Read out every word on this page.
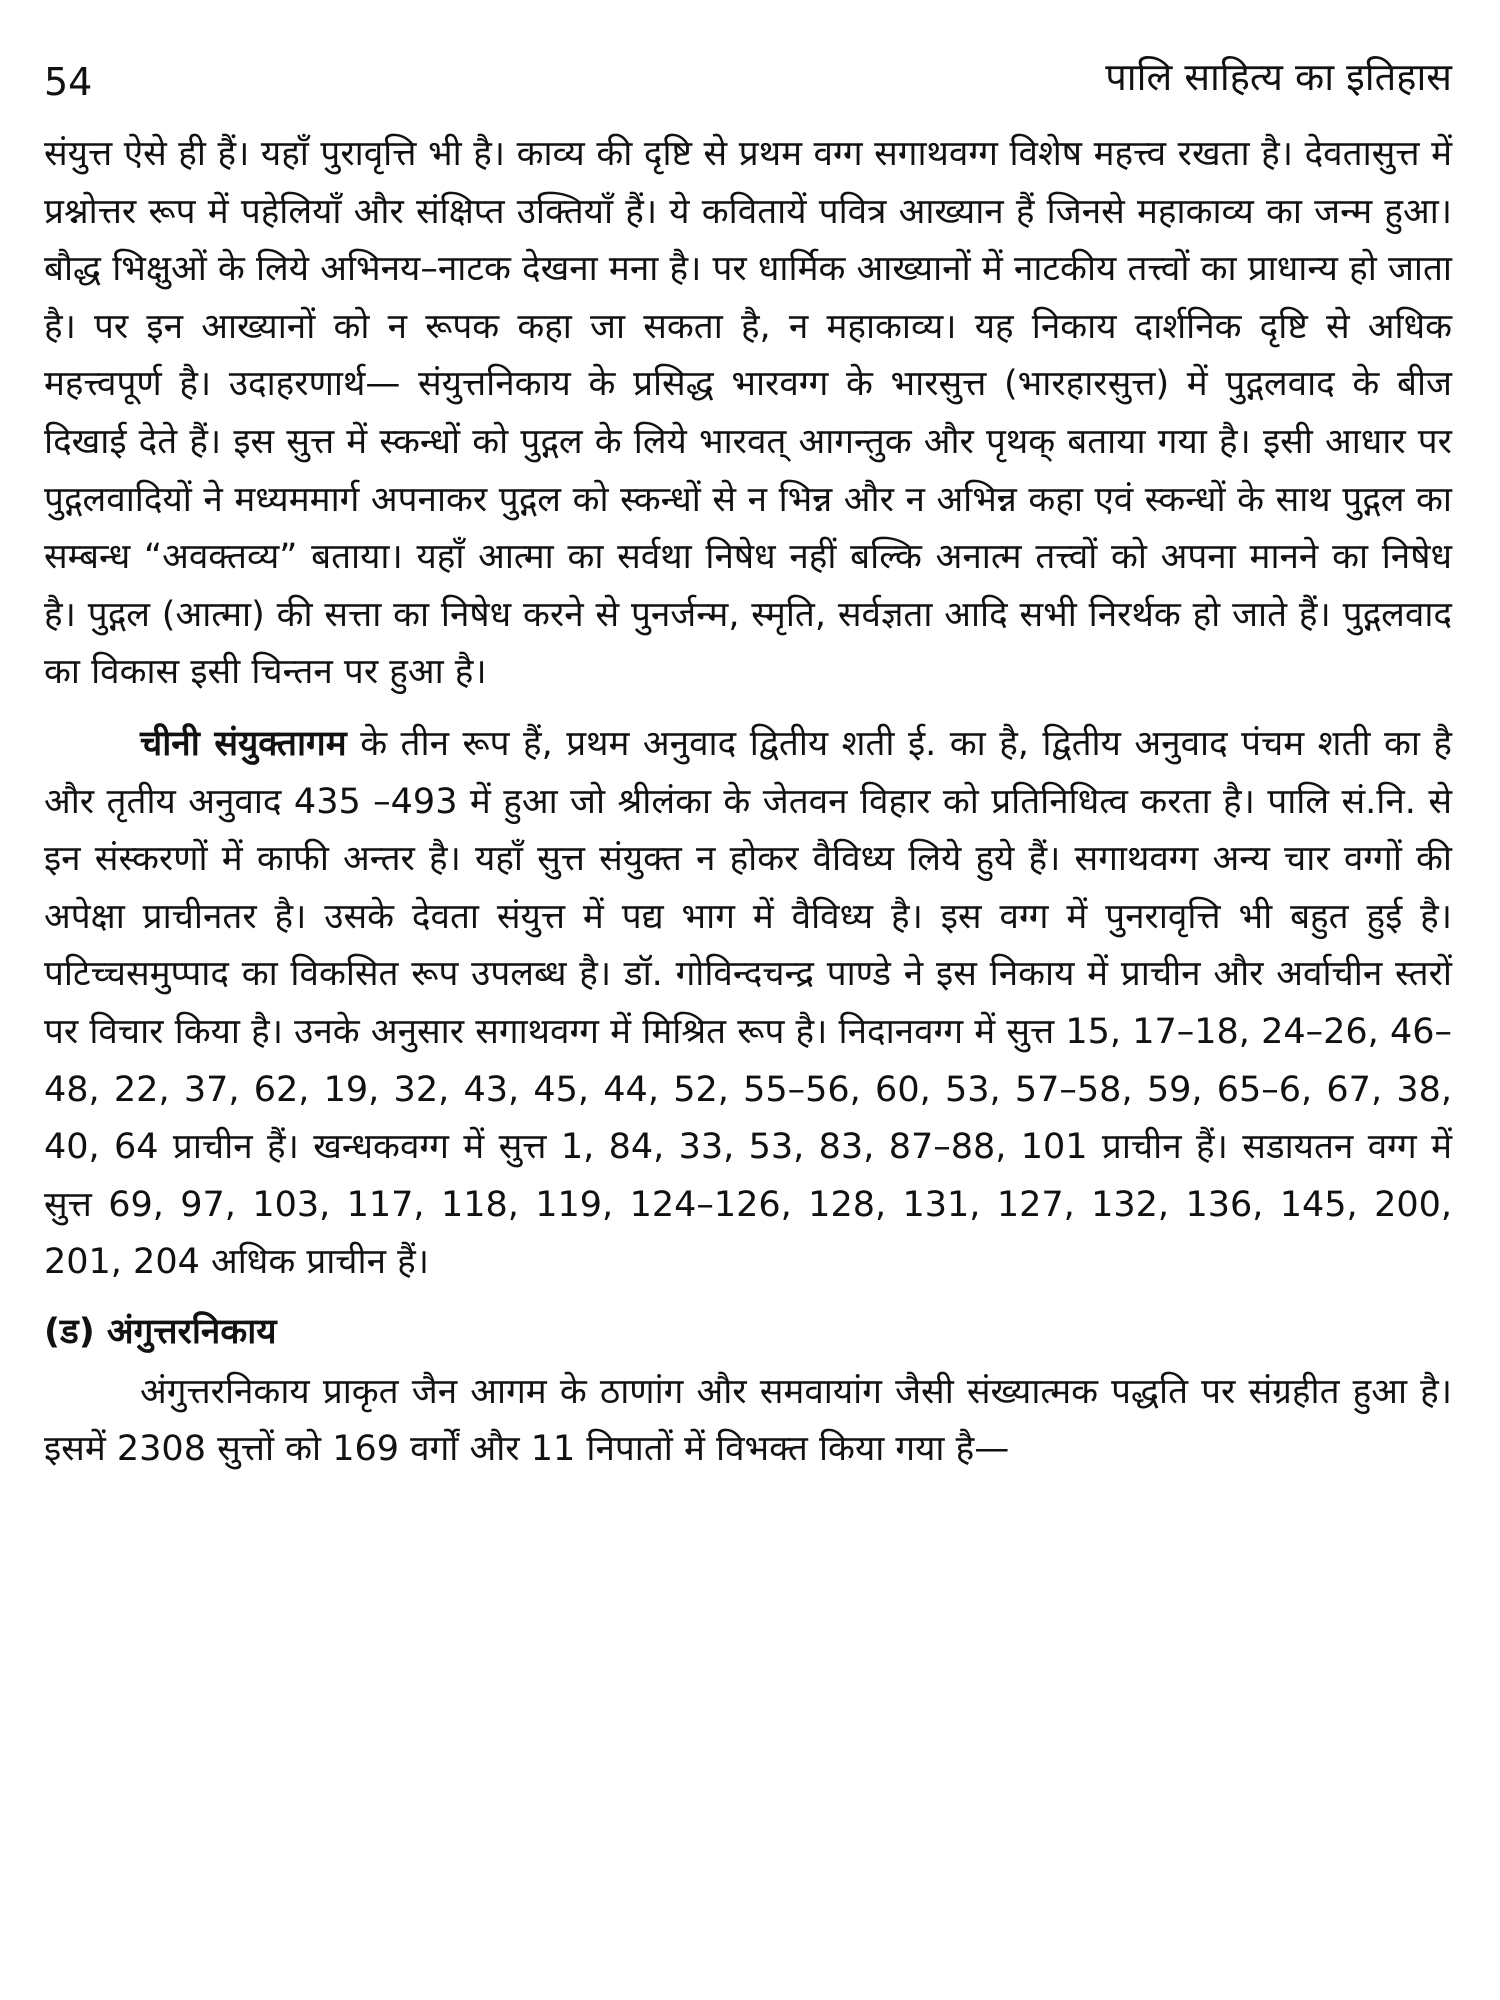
54	पालि साहित्य का इतिहास

संयुत्त ऐसे ही हैं। यहाँ पुरावृत्ति भी है। काव्य की दृष्टि से प्रथम वग्ग सगाथवग्ग विशेष महत्त्व रखता है। देवतासुत्त में प्रश्नोत्तर रूप में पहेलियाँ और संक्षिप्त उक्तियाँ हैं। ये कवितायें पवित्र आख्यान हैं जिनसे महाकाव्य का जन्म हुआ। बौद्ध भिक्षुओं के लिये अभिनय–नाटक देखना मना है। पर धार्मिक आख्यानों में नाटकीय तत्त्वों का प्राधान्य हो जाता है। पर इन आख्यानों को न रूपक कहा जा सकता है, न महाकाव्य। यह निकाय दार्शनिक दृष्टि से अधिक महत्त्वपूर्ण है। उदाहरणार्थ— संयुत्तनिकाय के प्रसिद्ध भारवग्ग के भारसुत्त (भारहारसुत्त) में पुद्गलवाद के बीज दिखाई देते हैं। इस सुत्त में स्कन्धों को पुद्गल के लिये भारवत् आगन्तुक और पृथक् बताया गया है। इसी आधार पर पुद्गलवादियों ने मध्यममार्ग अपनाकर पुद्गल को स्कन्धों से न भिन्न और न अभिन्न कहा एवं स्कन्धों के साथ पुद्गल का सम्बन्ध “अवक्तव्य” बताया। यहाँ आत्मा का सर्वथा निषेध नहीं बल्कि अनात्म तत्त्वों को अपना मानने का निषेध है। पुद्गल (आत्मा) की सत्ता का निषेध करने से पुनर्जन्म, स्मृति, सर्वज्ञता आदि सभी निरर्थक हो जाते हैं। पुद्गलवाद का विकास इसी चिन्तन पर हुआ है।

चीनी संयुक्तागम के तीन रूप हैं, प्रथम अनुवाद द्वितीय शती ई. का है, द्वितीय अनुवाद पंचम शती का है और तृतीय अनुवाद 435 –493 में हुआ जो श्रीलंका के जेतवन विहार को प्रतिनिधित्व करता है। पालि सं.नि. से इन संस्करणों में काफी अन्तर है। यहाँ सुत्त संयुक्त न होकर वैविध्य लिये हुये हैं। सगाथवग्ग अन्य चार वग्गों की अपेक्षा प्राचीनतर है। उसके देवता संयुत्त में पद्य भाग में वैविध्य है। इस वग्ग में पुनरावृत्ति भी बहुत हुई है। पटिच्चसमुप्पाद का विकसित रूप उपलब्ध है। डॉ. गोविन्दचन्द्र पाण्डे ने इस निकाय में प्राचीन और अर्वाचीन स्तरों पर विचार किया है। उनके अनुसार सगाथवग्ग में मिश्रित रूप है। निदानवग्ग में सुत्त 15, 17–18, 24–26, 46–48, 22, 37, 62, 19, 32, 43, 45, 44, 52, 55–56, 60, 53, 57–58, 59, 65–6, 67, 38, 40, 64 प्राचीन हैं। खन्धकवग्ग में सुत्त 1, 84, 33, 53, 83, 87–88, 101 प्राचीन हैं। सडायतन वग्ग में सुत्त 69, 97, 103, 117, 118, 119, 124–126, 128, 131, 127, 132, 136, 145, 200, 201, 204 अधिक प्राचीन हैं।

(ड) अंगुत्तरनिकाय

अंगुत्तरनिकाय प्राकृत जैन आगम के ठाणांग और समवायांग जैसी संख्यात्मक पद्धति पर संग्रहीत हुआ है। इसमें 2308 सुत्तों को 169 वर्गों और 11 निपातों में विभक्त किया गया है—
